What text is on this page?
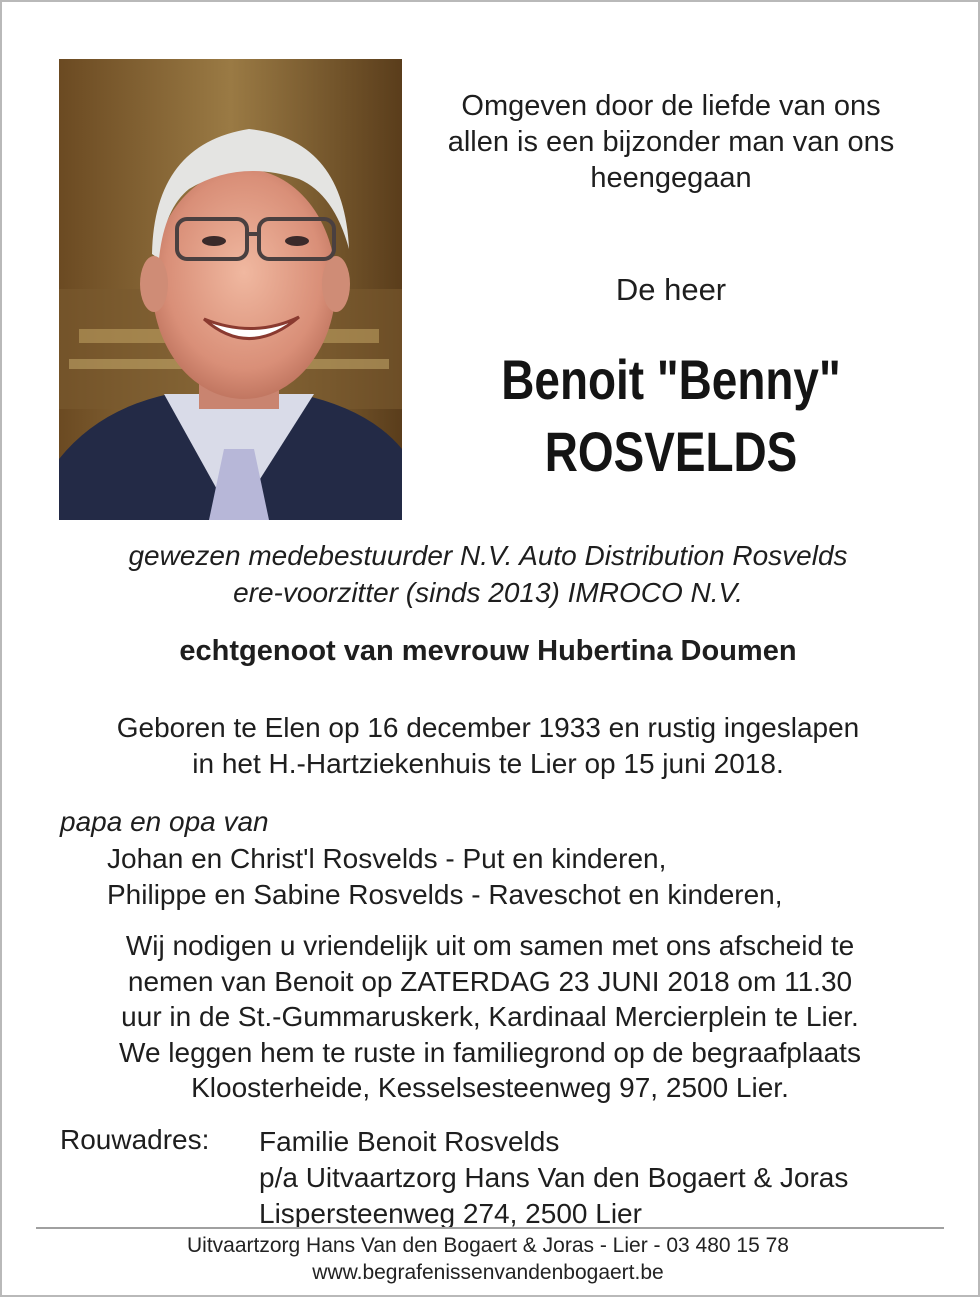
Omgeven door de liefde van ons
allen is een bijzonder man van ons
heengegaan
De heer
Benoit "Benny"
ROSVELDS
gewezen medebestuurder N.V. Auto Distribution Rosvelds
ere-voorzitter (sinds 2013) IMROCO N.V.
echtgenoot van mevrouw Hubertina Doumen
Geboren te Elen op 16 december 1933 en rustig ingeslapen
in het H.-Hartziekenhuis te Lier op 15 juni 2018.
papa en opa van
Johan en Christ'l Rosvelds - Put en kinderen,
Philippe en Sabine Rosvelds - Raveschot en kinderen,
Wij nodigen u vriendelijk uit om samen met ons afscheid te
nemen van Benoit op ZATERDAG 23 JUNI 2018 om 11.30
uur in de St.-Gummaruskerk, Kardinaal Mercierplein te Lier.
We leggen hem te ruste in familiegrond op de begraafplaats
Kloosterheide, Kesselsesteenweg 97, 2500 Lier.
Rouwadres: Familie Benoit Rosvelds
p/a Uitvaartzorg Hans Van den Bogaert & Joras
Lispersteenweg 274, 2500 Lier
Uitvaartzorg Hans Van den Bogaert & Joras - Lier - 03 480 15 78
www.begrafenissenvandenbogaert.be
